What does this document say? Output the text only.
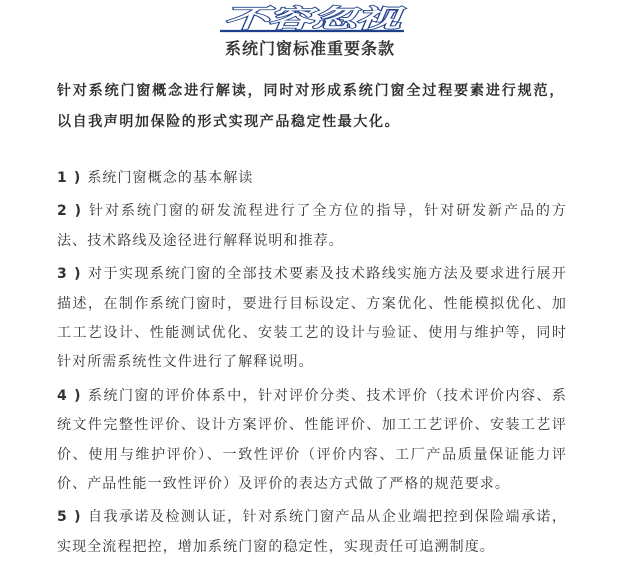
不容忽视
系统门窗标准重要条款
针对系统门窗概念进行解读，同时对形成系统门窗全过程要素进行规范，以自我声明加保险的形式实现产品稳定性最大化。
1 ) 系统门窗概念的基本解读
2 ) 针对系统门窗的研发流程进行了全方位的指导，针对研发新产品的方法、技术路线及途径进行解释说明和推荐。
3 ) 对于实现系统门窗的全部技术要素及技术路线实施方法及要求进行展开描述，在制作系统门窗时，要进行目标设定、方案优化、性能模拟优化、加工工艺设计、性能测试优化、安装工艺的设计与验证、使用与维护等，同时针对所需系统性文件进行了解释说明。
4 ) 系统门窗的评价体系中，针对评价分类、技术评价（技术评价内容、系统文件完整性评价、设计方案评价、性能评价、加工工艺评价、安装工艺评价、使用与维护评价）、一致性评价（评价内容、工厂产品质量保证能力评价、产品性能一致性评价）及评价的表达方式做了严格的规范要求。
5 ) 自我承诺及检测认证，针对系统门窗产品从企业端把控到保险端承诺，实现全流程把控，增加系统门窗的稳定性，实现责任可追溯制度。
